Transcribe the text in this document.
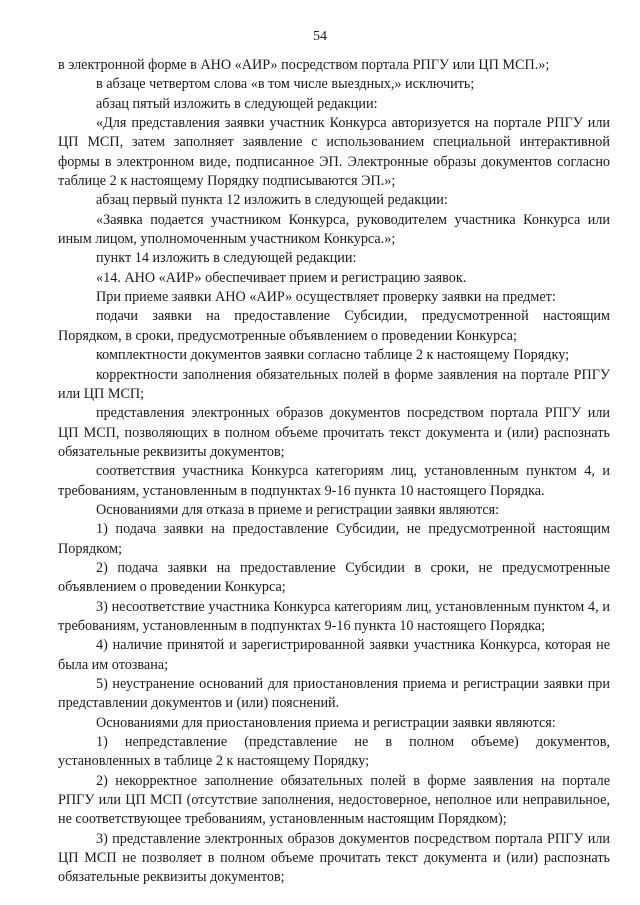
54

в электронной форме в АНО «АИР» посредством портала РПГУ или ЦП МСП.»;

в абзаце четвертом слова «в том числе выездных,» исключить;

абзац пятый изложить в следующей редакции:

«Для представления заявки участник Конкурса авторизуется на портале РПГУ или ЦП МСП, затем заполняет заявление с использованием специальной интерактивной формы в электронном виде, подписанное ЭП. Электронные образы документов согласно таблице 2 к настоящему Порядку подписываются ЭП.»;

абзац первый пункта 12 изложить в следующей редакции:

«Заявка подается участником Конкурса, руководителем участника Конкурса или иным лицом, уполномоченным участником Конкурса.»;

пункт 14 изложить в следующей редакции:

«14. АНО «АИР» обеспечивает прием и регистрацию заявок.

При приеме заявки АНО «АИР» осуществляет проверку заявки на предмет:

подачи заявки на предоставление Субсидии, предусмотренной настоящим Порядком, в сроки, предусмотренные объявлением о проведении Конкурса;

комплектности документов заявки согласно таблице 2 к настоящему Порядку;

корректности заполнения обязательных полей в форме заявления на портале РПГУ или ЦП МСП;

представления электронных образов документов посредством портала РПГУ или ЦП МСП, позволяющих в полном объеме прочитать текст документа и (или) распознать обязательные реквизиты документов;

соответствия участника Конкурса категориям лиц, установленным пунктом 4, и требованиям, установленным в подпунктах 9-16 пункта 10 настоящего Порядка.

Основаниями для отказа в приеме и регистрации заявки являются:

1) подача заявки на предоставление Субсидии, не предусмотренной настоящим Порядком;

2) подача заявки на предоставление Субсидии в сроки, не предусмотренные объявлением о проведении Конкурса;

3) несоответствие участника Конкурса категориям лиц, установленным пунктом 4, и требованиям, установленным в подпунктах 9-16 пункта 10 настоящего Порядка;

4) наличие принятой и зарегистрированной заявки участника Конкурса, которая не была им отозвана;

5) неустранение оснований для приостановления приема и регистрации заявки при представлении документов и (или) пояснений.

Основаниями для приостановления приема и регистрации заявки являются:

1) непредставление (представление не в полном объеме) документов, установленных в таблице 2 к настоящему Порядку;

2) некорректное заполнение обязательных полей в форме заявления на портале РПГУ или ЦП МСП (отсутствие заполнения, недостоверное, неполное или неправильное, не соответствующее требованиям, установленным настоящим Порядком);

3) представление электронных образов документов посредством портала РПГУ или ЦП МСП не позволяет в полном объеме прочитать текст документа и (или) распознать обязательные реквизиты документов;
